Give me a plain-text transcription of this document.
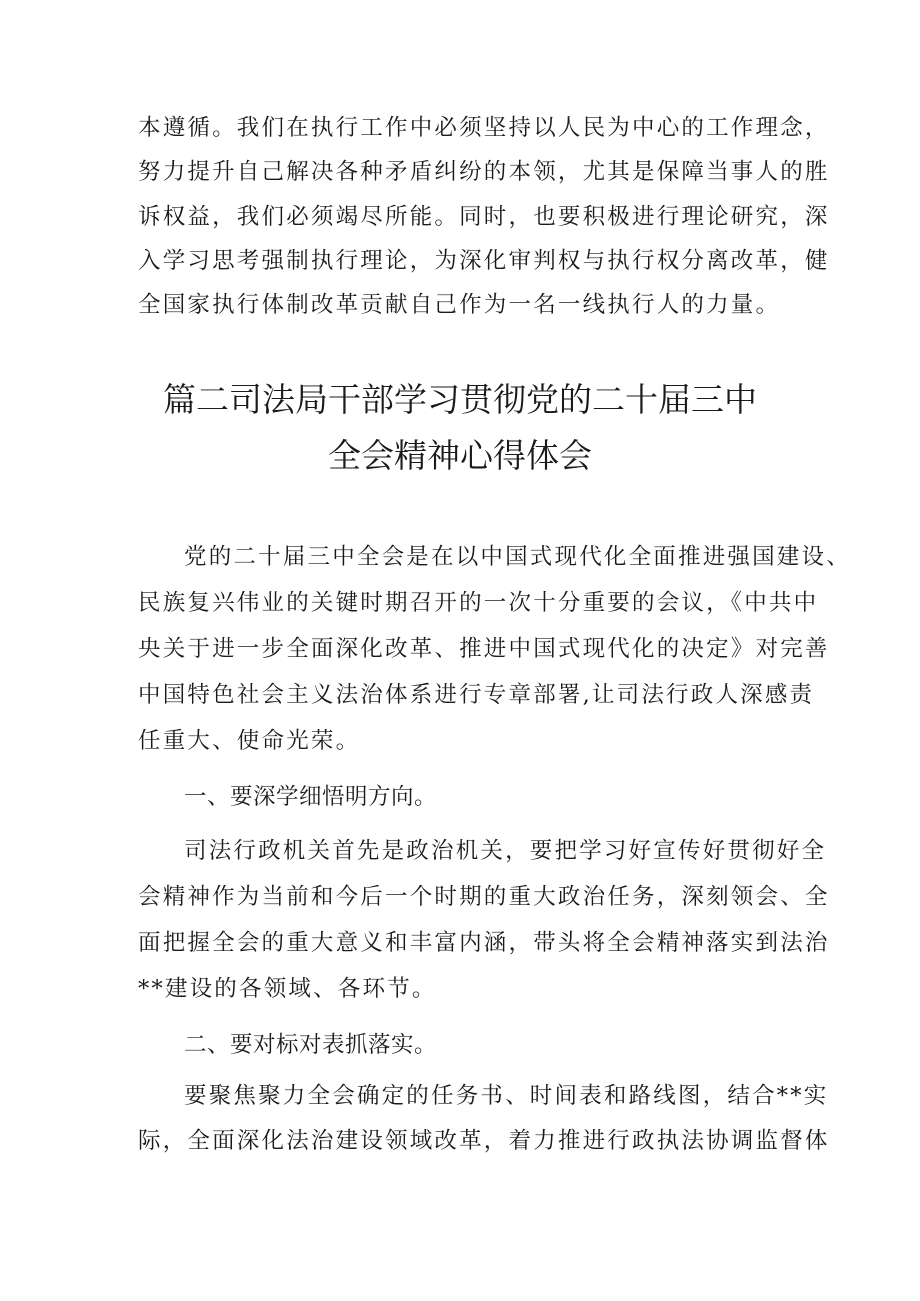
本遵循。我们在执行工作中必须坚持以人民为中心的工作理念，
努力提升自己解决各种矛盾纠纷的本领，尤其是保障当事人的胜
诉权益，我们必须竭尽所能。同时，也要积极进行理论研究，深
入学习思考强制执行理论，为深化审判权与执行权分离改革，健
全国家执行体制改革贡献自己作为一名一线执行人的力量。
篇二司法局干部学习贯彻党的二十届三中
全会精神心得体会
党的二十届三中全会是在以中国式现代化全面推进强国建设、
民族复兴伟业的关键时期召开的一次十分重要的会议，《中共中
央关于进一步全面深化改革、推进中国式现代化的决定》对完善
中国特色社会主义法治体系进行专章部署,让司法行政人深感责
任重大、使命光荣。
一、要深学细悟明方向。
司法行政机关首先是政治机关，要把学习好宣传好贯彻好全
会精神作为当前和今后一个时期的重大政治任务，深刻领会、全
面把握全会的重大意义和丰富内涵，带头将全会精神落实到法治
**建设的各领域、各环节。
二、要对标对表抓落实。
要聚焦聚力全会确定的任务书、时间表和路线图，结合**实
际，全面深化法治建设领域改革，着力推进行政执法协调监督体
